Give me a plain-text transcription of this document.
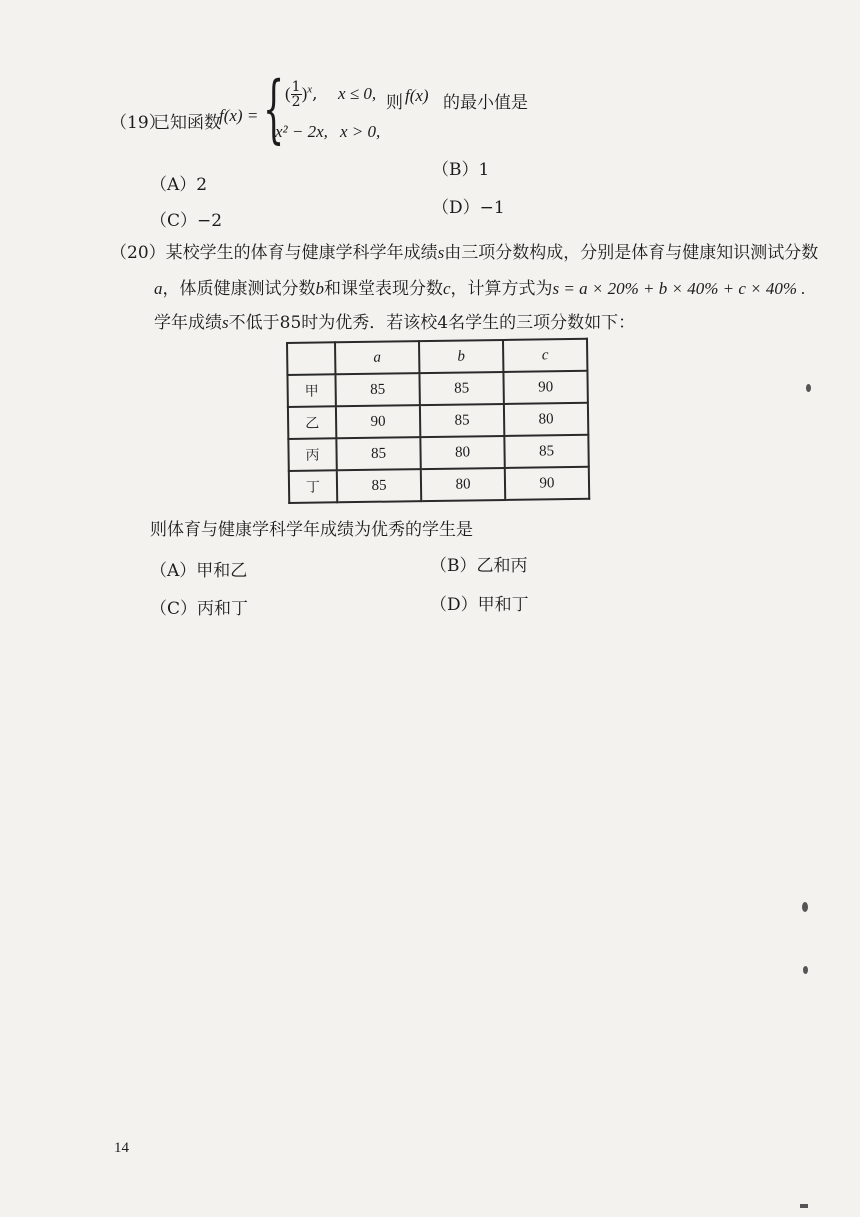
（19）
已知函数
f(x) = { ( $\frac{1}{2} )^x$, x ≤ 0, 则 f(x) 的最小值是
x² − 2x, x > 0,
（A）2
（B）1
（C）−2
（D）−1
（20）某校学生的体育与健康学科学年成绩s由三项分数构成，分别是体育与健康知识测试分数
a，体质健康测试分数b和课堂表现分数c，计算方式为s = a × 20% + b × 40% + c × 40% .
学年成绩s不低于85时为优秀．若该校4名学生的三项分数如下：
	a	b	c
甲	85	85	90
乙	90	85	80
丙	85	80	85
丁	85	80	90
则体育与健康学科学年成绩为优秀的学生是
（A）甲和乙	（B）乙和丙
（C）丙和丁	（D）甲和丁
14
